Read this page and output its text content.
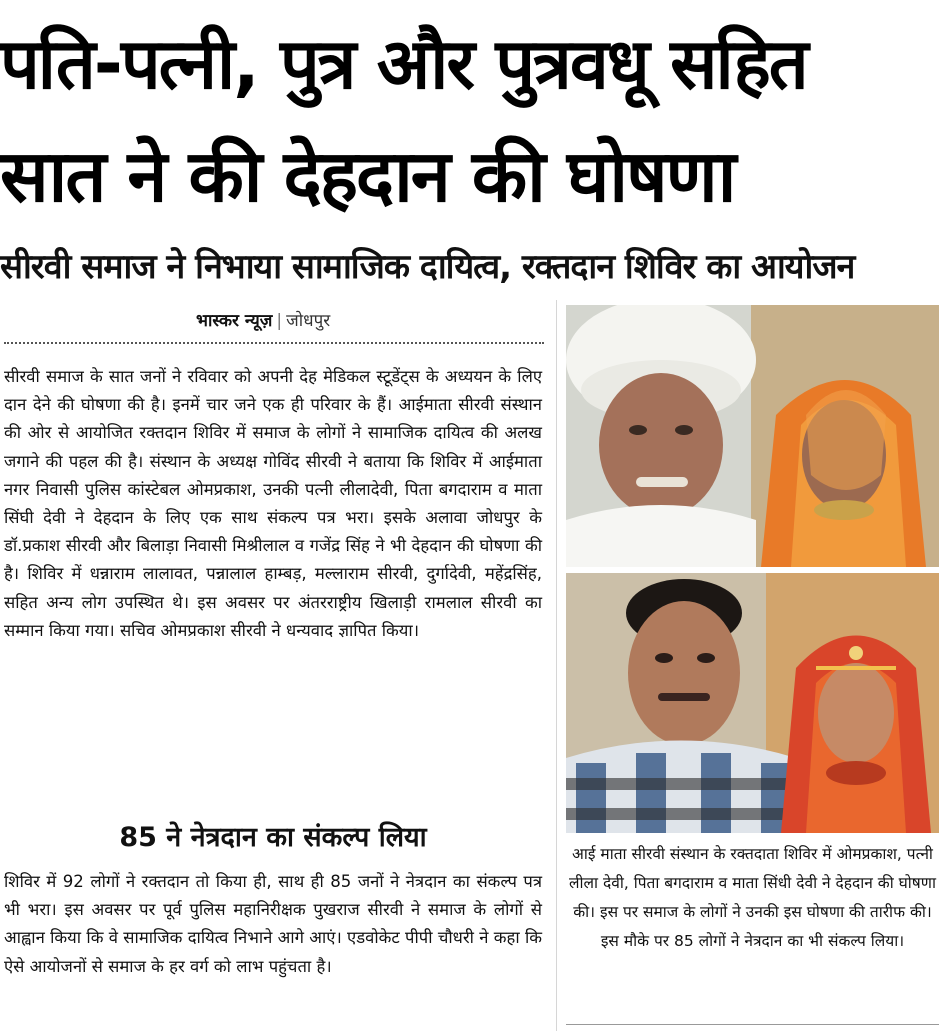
पति-पत्नी, पुत्र और पुत्रवधू सहित
सात ने की देहदान की घोषणा
सीरवी समाज ने निभाया सामाजिक दायित्व, रक्तदान शिविर का आयोजन
भास्कर न्यूज़ | जोधपुर

सीरवी समाज के सात जनों ने रविवार को अपनी देह मेडिकल स्टूडेंट्स के अध्ययन के लिए दान देने की घोषणा की है। इनमें चार जने एक ही परिवार के हैं। आईमाता सीरवी संस्थान की ओर से आयोजित रक्तदान शिविर में समाज के लोगों ने सामाजिक दायित्व की अलख जगाने की पहल की है। संस्थान के अध्यक्ष गोविंद सीरवी ने बताया कि शिविर में आईमाता नगर निवासी पुलिस कांस्टेबल ओमप्रकाश, उनकी पत्नी लीलादेवी, पिता बगदाराम व माता सिंघी देवी ने देहदान के लिए एक साथ संकल्प पत्र भरा। इसके अलावा जोधपुर के डॉ.प्रकाश सीरवी और बिलाड़ा निवासी मिश्रीलाल व गजेंद्र सिंह ने भी देहदान की घोषणा की है। शिविर में धन्नाराम लालावत, पन्नालाल हाम्बड़, मल्लाराम सीरवी, दुर्गादेवी, महेंद्रसिंह, सहित अन्य लोग उपस्थित थे। इस अवसर पर अंतरराष्ट्रीय खिलाड़ी रामलाल सीरवी का सम्मान किया गया। सचिव ओमप्रकाश सीरवी ने धन्यवाद ज्ञापित किया।

85 ने नेत्रदान का संकल्प लिया

शिविर में 92 लोगों ने रक्तदान तो किया ही, साथ ही 85 जनों ने नेत्रदान का संकल्प पत्र भी भरा। इस अवसर पर पूर्व पुलिस महानिरीक्षक पुखराज सीरवी ने समाज के लोगों से आह्वान किया कि वे सामाजिक दायित्व निभाने आगे आएं। एडवोकेट पीपी चौधरी ने कहा कि ऐसे आयोजनों से समाज के हर वर्ग को लाभ पहुंचता है।

आई माता सीरवी संस्थान के रक्तदाता शिविर में ओमप्रकाश, पत्नी लीला देवी, पिता बगदाराम व माता सिंधी देवी ने देहदान की घोषणा की। इस पर समाज के लोगों ने उनकी इस घोषणा की तारीफ की। इस मौके पर 85 लोगों ने नेत्रदान का भी संकल्प लिया।
